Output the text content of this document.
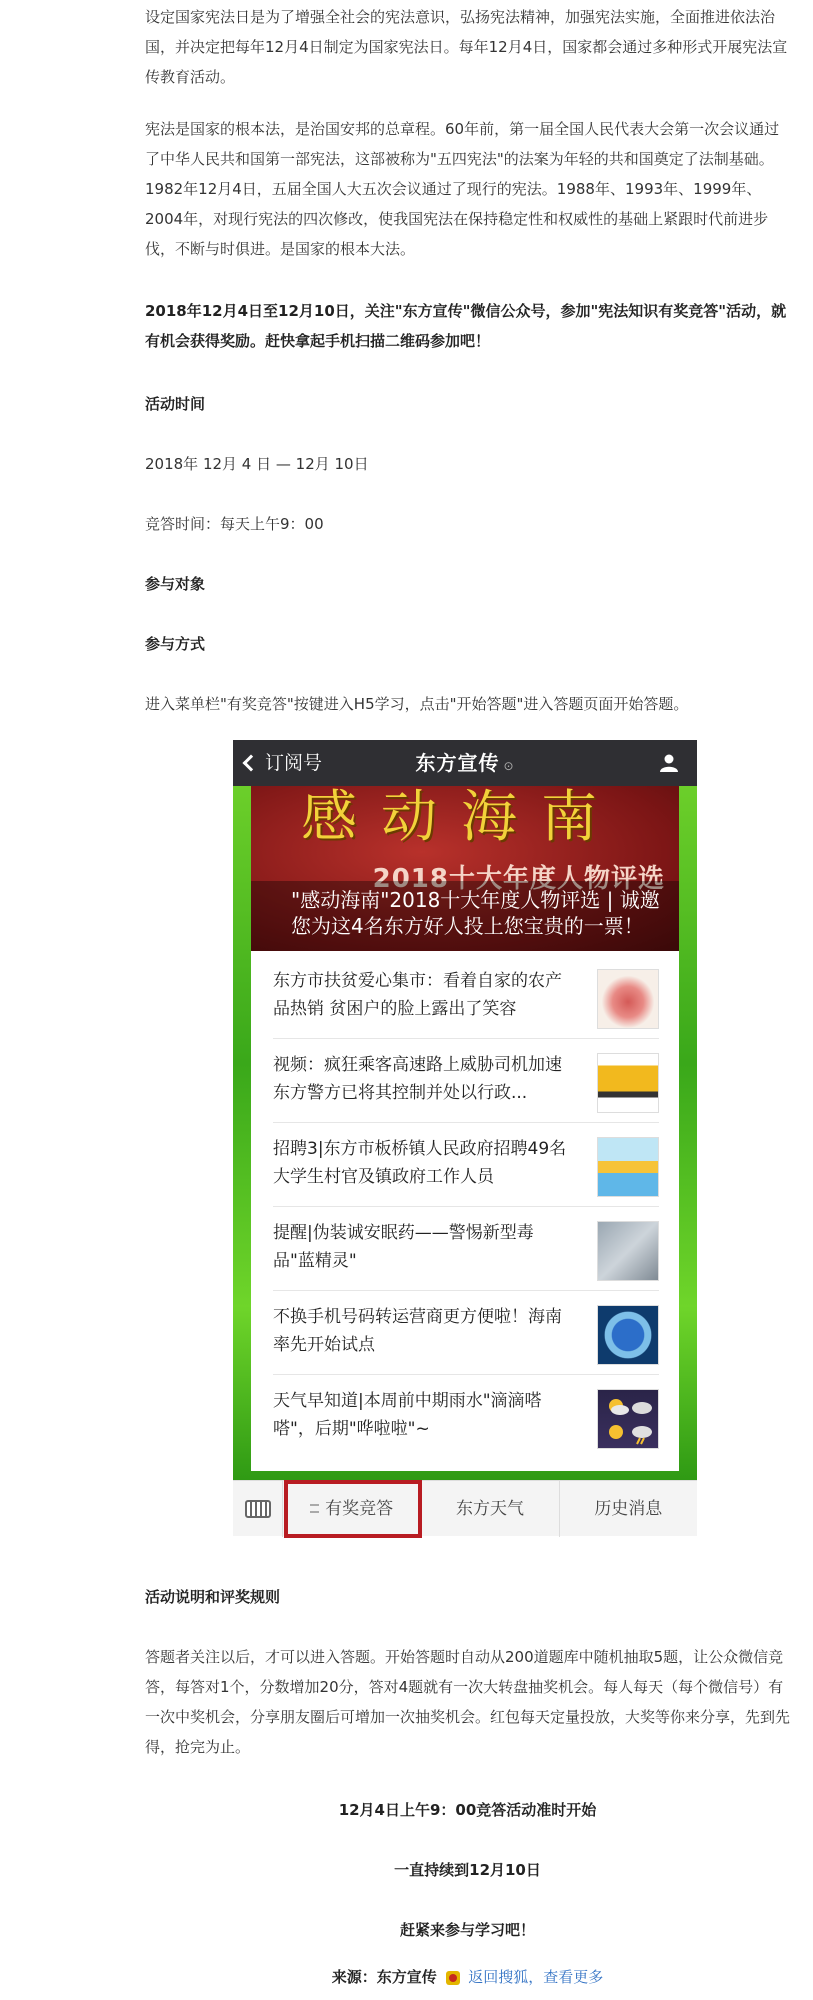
设定国家宪法日是为了增强全社会的宪法意识，弘扬宪法精神，加强宪法实施，全面推进依法治国，并决定把每年12月4日制定为国家宪法日。每年12月4日，国家都会通过多种形式开展宪法宣传教育活动。

宪法是国家的根本法，是治国安邦的总章程。60年前，第一届全国人民代表大会第一次会议通过了中华人民共和国第一部宪法，这部被称为"五四宪法"的法案为年轻的共和国奠定了法制基础。1982年12月4日，五届全国人大五次会议通过了现行的宪法。1988年、1993年、1999年、2004年，对现行宪法的四次修改，使我国宪法在保持稳定性和权威性的基础上紧跟时代前进步伐，不断与时俱进。是国家的根本大法。

2018年12月4日至12月10日，关注"东方宣传"微信公众号，参加"宪法知识有奖竞答"活动，就有机会获得奖励。赶快拿起手机扫描二维码参加吧！

活动时间

2018年 12月 4 日 — 12月 10日

竞答时间：每天上午9：00

参与对象

参与方式

进入菜单栏"有奖竞答"按键进入H5学习，点击"开始答题"进入答题页面开始答题。

活动说明和评奖规则

答题者关注以后，才可以进入答题。开始答题时自动从200道题库中随机抽取5题，让公众微信竞答，每答对1个，分数增加20分，答对4题就有一次大转盘抽奖机会。每人每天（每个微信号）有一次中奖机会，分享朋友圈后可增加一次抽奖机会。红包每天定量投放，大奖等你来分享，先到先得，抢完为止。

12月4日上午9：00竞答活动准时开始

一直持续到12月10日

赶紧来参与学习吧！

来源：东方宣传 返回搜狐，查看更多

订阅号	东方宣传 ⊙
感动海南
2018十大年度人物评选
"感动海南"2018十大年度人物评选 | 诚邀
您为这4名东方好人投上您宝贵的一票！
东方市扶贫爱心集市：看着自家的农产品热销 贫困户的脸上露出了笑容
视频：疯狂乘客高速路上威胁司机加速 东方警方已将其控制并处以行政...
招聘3|东方市板桥镇人民政府招聘49名大学生村官及镇政府工作人员
提醒|伪装诚安眠药——警惕新型毒品"蓝精灵"
不换手机号码转运营商更方便啦！海南率先开始试点
天气早知道|本周前中期雨水"滴滴嗒嗒"，后期"哗啦啦"~
有奖竞答	东方天气	历史消息
